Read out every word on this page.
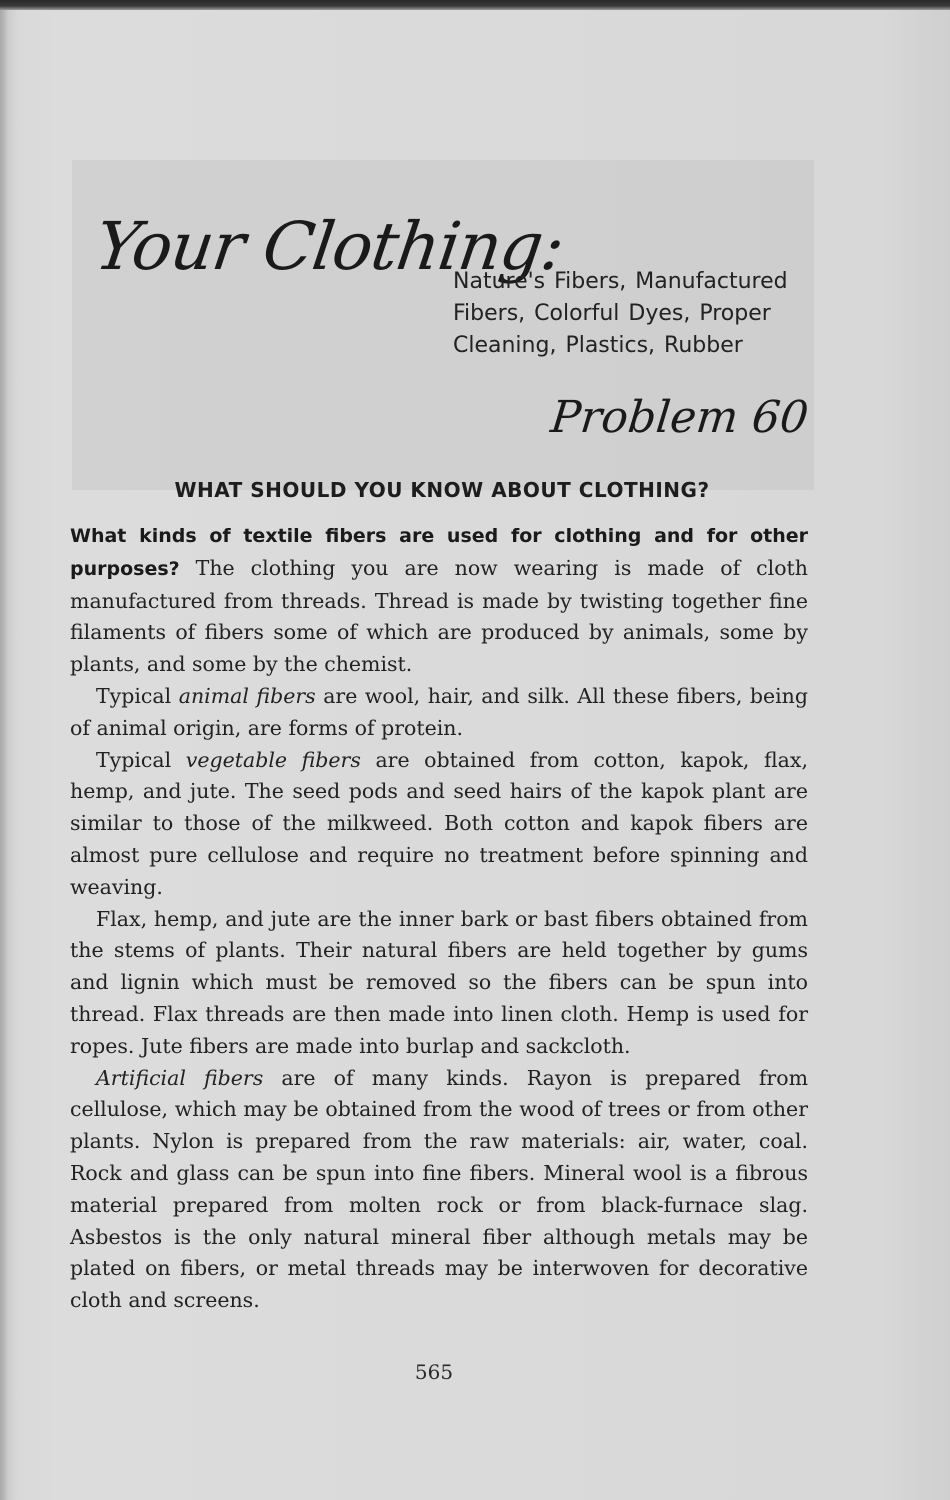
Your Clothing:
Nature's Fibers, Manufactured Fibers, Colorful Dyes, Proper Cleaning, Plastics, Rubber
Problem 60
WHAT SHOULD YOU KNOW ABOUT CLOTHING?

What kinds of textile fibers are used for clothing and for other purposes? The clothing you are now wearing is made of cloth manufactured from threads. Thread is made by twisting together fine filaments of fibers some of which are produced by animals, some by plants, and some by the chemist.

Typical animal fibers are wool, hair, and silk. All these fibers, being of animal origin, are forms of protein.

Typical vegetable fibers are obtained from cotton, kapok, flax, hemp, and jute. The seed pods and seed hairs of the kapok plant are similar to those of the milkweed. Both cotton and kapok fibers are almost pure cellulose and require no treatment before spinning and weaving.

Flax, hemp, and jute are the inner bark or bast fibers obtained from the stems of plants. Their natural fibers are held together by gums and lignin which must be removed so the fibers can be spun into thread. Flax threads are then made into linen cloth. Hemp is used for ropes. Jute fibers are made into burlap and sackcloth.

Artificial fibers are of many kinds. Rayon is prepared from cellulose, which may be obtained from the wood of trees or from other plants. Nylon is prepared from the raw materials: air, water, coal. Rock and glass can be spun into fine fibers. Mineral wool is a fibrous material prepared from molten rock or from black-furnace slag. Asbestos is the only natural mineral fiber although metals may be plated on fibers, or metal threads may be interwoven for decorative cloth and screens.

565
